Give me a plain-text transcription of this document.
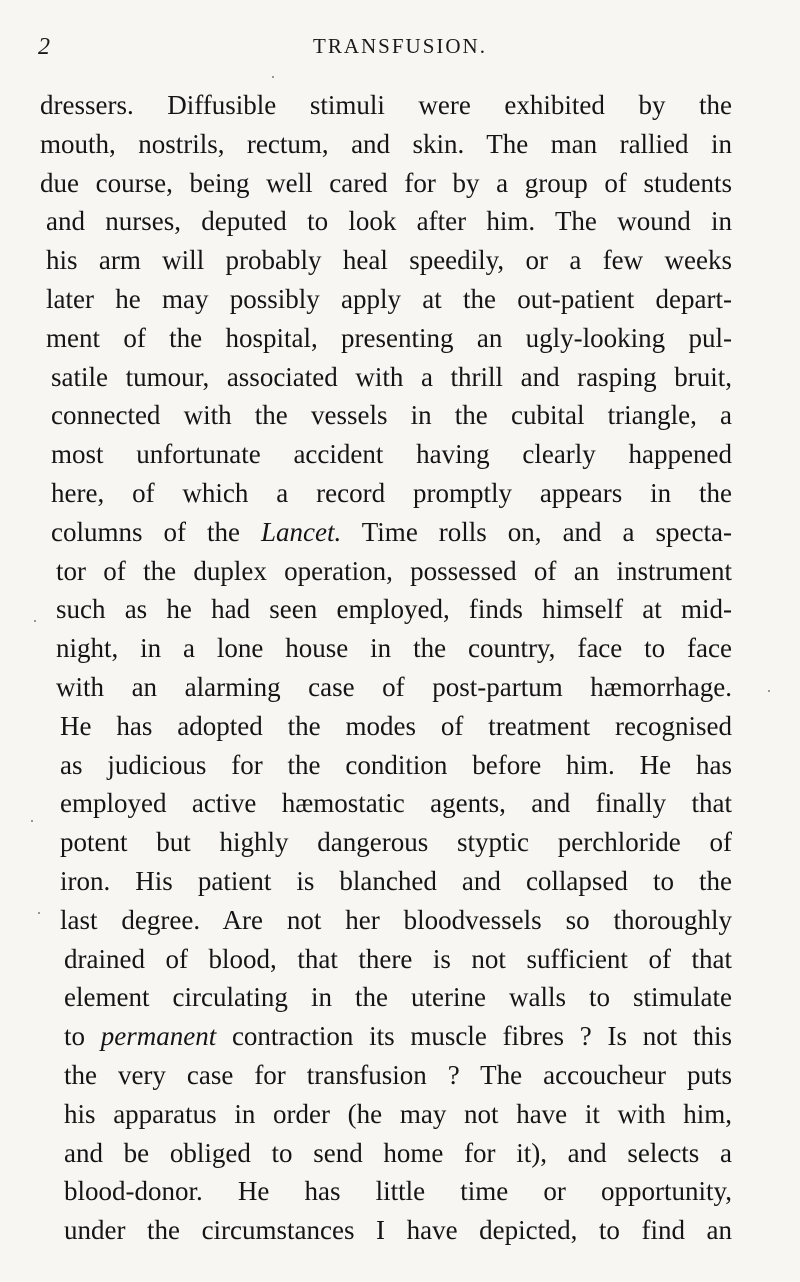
2	TRANSFUSION.
dressers. Diffusible stimuli were exhibited by the
mouth, nostrils, rectum, and skin. The man rallied in
due course, being well cared for by a group of students
and nurses, deputed to look after him. The wound in
his arm will probably heal speedily, or a few weeks
later he may possibly apply at the out-patient depart-
ment of the hospital, presenting an ugly-looking pul-
satile tumour, associated with a thrill and rasping bruit,
connected with the vessels in the cubital triangle, a
most unfortunate accident having clearly happened
here, of which a record promptly appears in the
columns of the Lancet. Time rolls on, and a specta-
tor of the duplex operation, possessed of an instrument
such as he had seen employed, finds himself at mid-
night, in a lone house in the country, face to face
with an alarming case of post-partum hæmorrhage.
He has adopted the modes of treatment recognised
as judicious for the condition before him. He has
employed active hæmostatic agents, and finally that
potent but highly dangerous styptic perchloride of
iron. His patient is blanched and collapsed to the
last degree. Are not her bloodvessels so thoroughly
drained of blood, that there is not sufficient of that
element circulating in the uterine walls to stimulate
to permanent contraction its muscle fibres ? Is not this
the very case for transfusion ? The accoucheur puts
his apparatus in order (he may not have it with him,
and be obliged to send home for it), and selects a
blood-donor. He has little time or opportunity,
under the circumstances I have depicted, to find an
